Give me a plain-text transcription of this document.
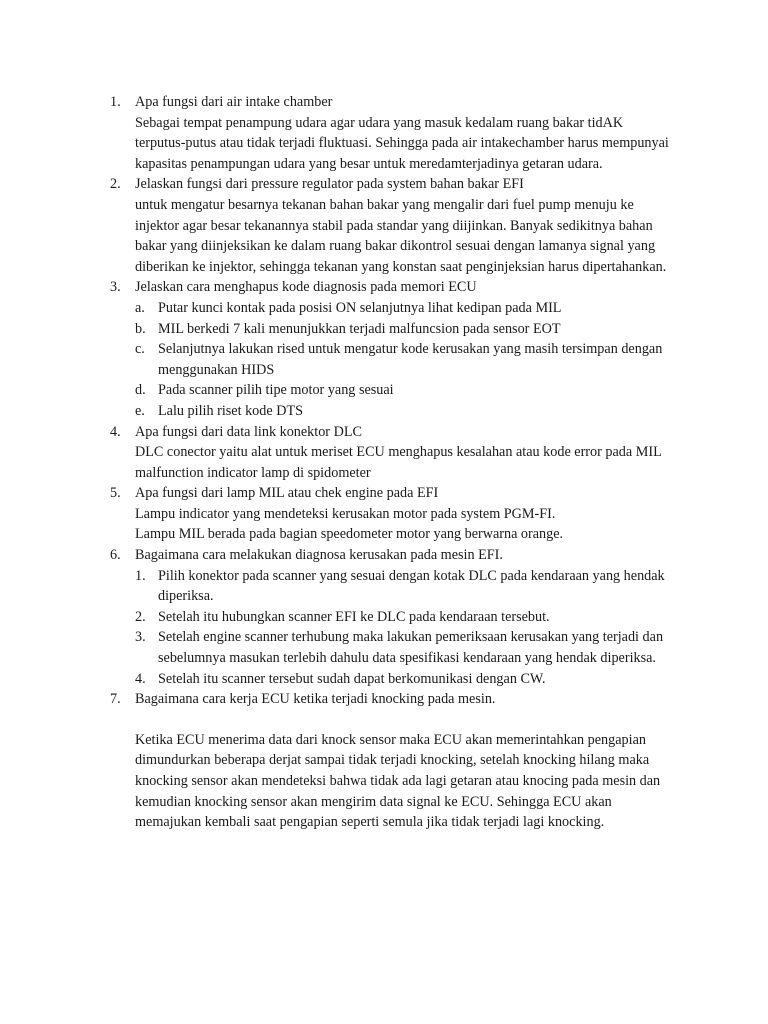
1.	Apa fungsi dari air intake chamber
Sebagai tempat penampung udara agar udara yang masuk kedalam ruang bakar tidAK terputus-putus atau tidak terjadi fluktuasi. Sehingga pada air intakechamber harus mempunyai kapasitas penampungan udara yang besar untuk meredamterjadinya getaran udara.
2.	Jelaskan fungsi dari pressure regulator pada system bahan bakar EFI
untuk mengatur besarnya tekanan bahan bakar yang mengalir dari fuel pump menuju ke injektor agar besar tekanannya stabil pada standar yang diijinkan. Banyak sedikitnya bahan bakar yang diinjeksikan ke dalam ruang bakar dikontrol sesuai dengan lamanya signal yang diberikan ke injektor, sehingga tekanan yang konstan saat penginjeksian harus dipertahankan.
3.	Jelaskan cara menghapus kode diagnosis pada memori ECU
a. Putar kunci kontak pada posisi ON selanjutnya lihat kedipan pada MIL
b. MIL berkedi 7 kali menunjukkan terjadi malfuncsion pada sensor EOT
c. Selanjutnya lakukan rised untuk mengatur kode kerusakan yang masih tersimpan dengan menggunakan HIDS
d. Pada scanner pilih tipe motor yang sesuai
e. Lalu pilih riset kode DTS
4.	Apa fungsi dari data link konektor DLC
DLC conector yaitu alat untuk meriset ECU menghapus kesalahan atau kode error pada MIL malfunction indicator lamp di spidometer
5.	Apa fungsi dari lamp MIL atau chek engine pada EFI
Lampu indicator yang mendeteksi kerusakan motor pada system PGM-FI.
Lampu MIL berada pada bagian speedometer motor yang berwarna orange.
6.	Bagaimana cara melakukan diagnosa kerusakan pada mesin EFI.
1. Pilih konektor pada scanner yang sesuai dengan kotak DLC pada kendaraan yang hendak diperiksa.
2. Setelah itu hubungkan scanner EFI ke DLC pada kendaraan tersebut.
3. Setelah engine scanner terhubung maka lakukan pemeriksaan kerusakan yang terjadi dan sebelumnya masukan terlebih dahulu data spesifikasi kendaraan yang hendak diperiksa.
4. Setelah itu scanner tersebut sudah dapat berkomunikasi dengan CW.
7.	Bagaimana cara kerja ECU ketika terjadi knocking pada mesin.
Ketika ECU menerima data dari knock sensor maka ECU akan memerintahkan pengapian dimundurkan beberapa derjat sampai tidak terjadi knocking, setelah knocking hilang maka knocking sensor akan mendeteksi bahwa tidak ada lagi getaran atau knocing pada mesin dan kemudian knocking sensor akan mengirim data signal ke ECU. Sehingga ECU akan memajukan kembali saat pengapian seperti semula jika tidak terjadi lagi knocking.
